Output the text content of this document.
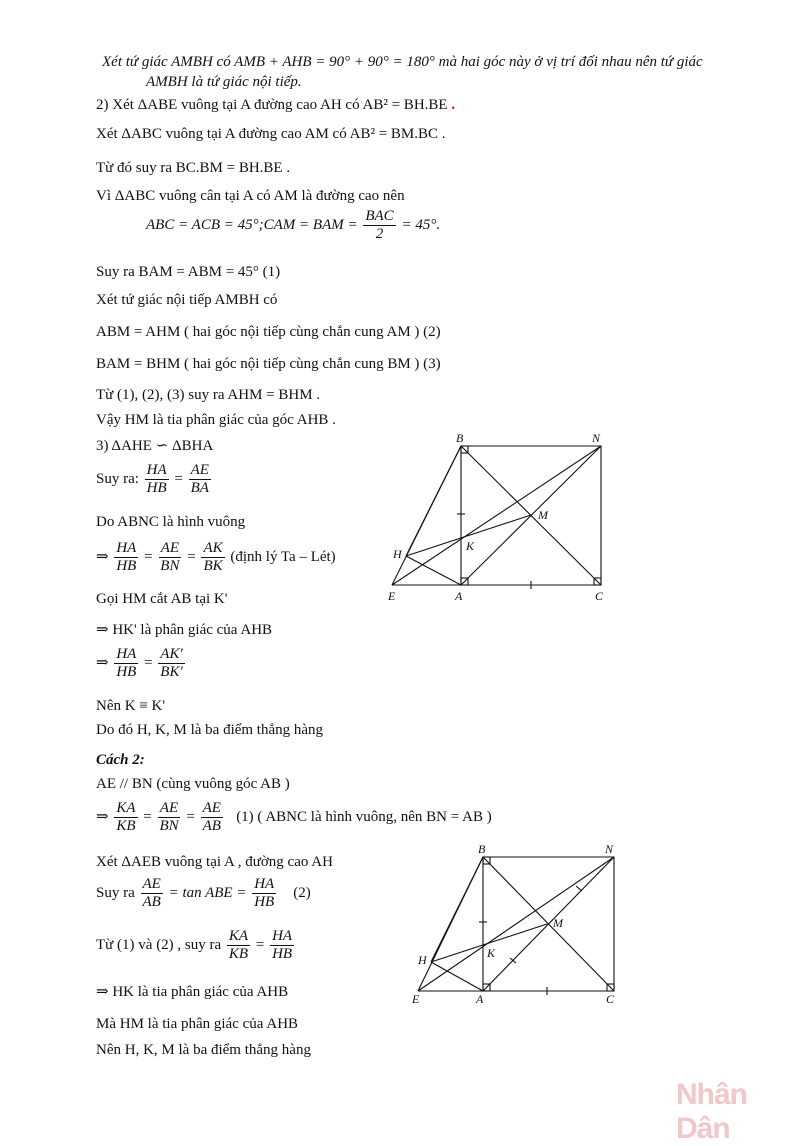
Xét tứ giác AMBH có AMB + AHB = 90° + 90° = 180° mà hai góc này ở vị trí đối nhau nên tứ giác
AMBH là tứ giác nội tiếp.
2) Xét ΔABE vuông tại A đường cao AH có AB² = BH.BE .
Xét ΔABC vuông tại A đường cao AM có AB² = BM.BC .
Từ đó suy ra BC.BM = BH.BE .
Vì ΔABC vuông cân tại A có AM là đường cao nên
ABC = ACB = 45°;CAM = BAM = $\frac{\text{BAC}}{2} = 45^\circ$.
Suy ra BAM = ABM = 45° (1)
Xét tứ giác nội tiếp AMBH có
ABM = AHM ( hai góc nội tiếp cùng chắn cung AM ) (2)
BAM = BHM ( hai góc nội tiếp cùng chắn cung BM ) (3)
Từ (1), (2), (3) suy ra AHM = BHM .
Vậy HM là tia phân giác của góc AHB .
3) ΔAHE ∽ ΔBHA
Suy ra: $\frac{HA}{HB} = \frac{AE}{BA}$
Do ABNC là hình vuông
⇒ $\frac{HA}{HB} = \frac{AE}{BN} = \frac{AK}{BK}$ (định lý Ta – Lét)
Gọi HM cắt AB tại K'
⇒ HK' là phân giác của AHB
⇒ $\frac{HA}{HB} = \frac{AK'}{BK'}$
Nên K ≡ K'
Do đó H, K, M là ba điểm thẳng hàng
Cách 2:
AE // BN (cùng vuông góc AB )
⇒ $\frac{KA}{KB} = \frac{AE}{BN} = \frac{AE}{AB} (1)$ ( ABNC là hình vuông, nên BN = AB )
Xét ΔAEB vuông tại A , đường cao AH
Suy ra $\frac{AE}{AB} = \tan$ ABE = $\frac{HA}{HB} (2)$
Từ (1) và (2) , suy ra $\frac{KA}{KB} = \frac{HA}{HB}$
⇒ HK là tia phân giác của AHB
Mà HM là tia phân giác của AHB
Nên H, K, M là ba điểm thẳng hàng
B	N
M
K
H
E	A	C
B	N
M
K
H
E	A	C
Nhân Dân
